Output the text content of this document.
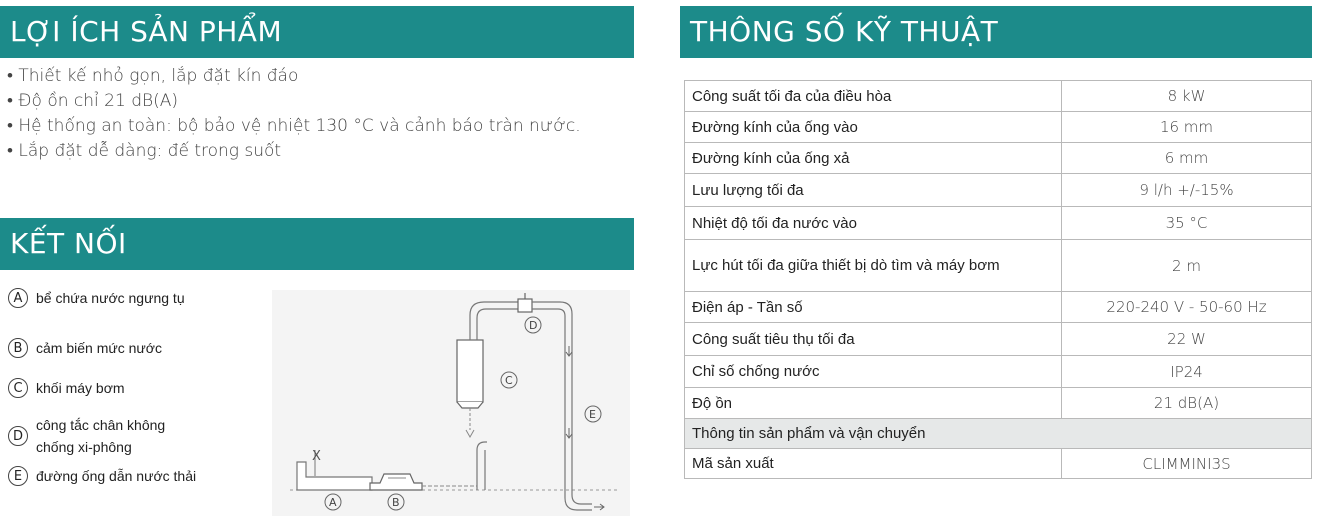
LỢI ÍCH SẢN PHẨM
• Thiết kế nhỏ gọn, lắp đặt kín đáo
• Độ ồn chỉ 21 dB(A)
• Hệ thống an toàn: bộ bảo vệ nhiệt 130 °C và cảnh báo tràn nước.
• Lắp đặt dễ dàng: đế trong suốt
KẾT NỐI
A bể chứa nước ngưng tụ
B cảm biến mức nước
C khối máy bơm
D
công tắc chân không chống xi-phông
E đường ống dẫn nước thải
X
A	B
C
D
E
THÔNG SỐ KỸ THUẬT
Công suất tối đa của điều hòa	8 kW
Đường kính của ống vào	16 mm
Đường kính của ống xả	6 mm
Lưu lượng tối đa	9 l/h +/-15%
Nhiệt độ tối đa nước vào	35 °C
Lực hút tối đa giữa thiết bị dò tìm và máy bơm	2 m
Điện áp - Tần số	220-240 V - 50-60 Hz
Công suất tiêu thụ tối đa	22 W
Chỉ số chống nước	IP24
Độ ồn	21 dB(A)
Thông tin sản phẩm và vận chuyển	
Mã sản xuất	CLIMMINI3S
